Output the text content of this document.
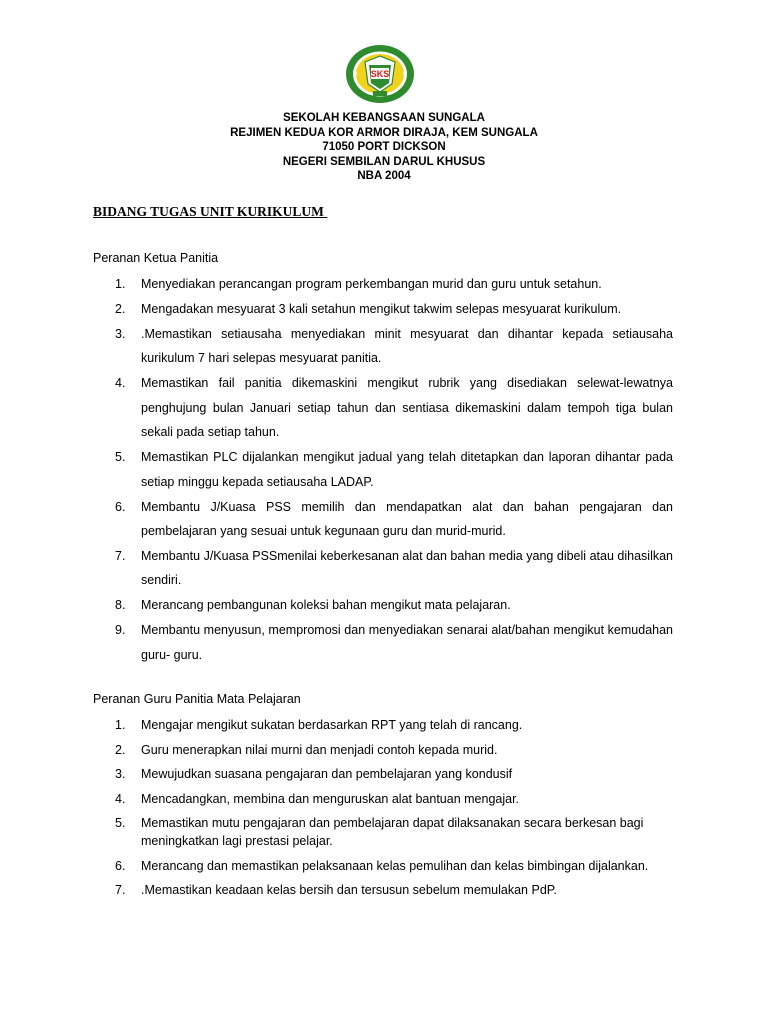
SKS
SEKOLAH KEBANGSAAN SUNGALA
REJIMEN KEDUA KOR ARMOR DIRAJA, KEM SUNGALA
71050 PORT DICKSON
NEGERI SEMBILAN DARUL KHUSUS
NBA 2004
BIDANG TUGAS UNIT KURIKULUM
Peranan Ketua Panitia
1.	Menyediakan perancangan program perkembangan murid dan guru untuk setahun.
2.	Mengadakan mesyuarat 3 kali setahun mengikut takwim selepas mesyuarat kurikulum.
3.	.Memastikan setiausaha menyediakan minit mesyuarat dan dihantar kepada setiausaha kurikulum 7 hari selepas mesyuarat panitia.
4.	Memastikan fail panitia dikemaskini mengikut rubrik yang disediakan selewat-lewatnya penghujung bulan Januari setiap tahun dan sentiasa dikemaskini dalam tempoh tiga bulan sekali pada setiap tahun.
5.	Memastikan PLC dijalankan mengikut jadual yang telah ditetapkan dan laporan dihantar pada setiap minggu kepada setiausaha LADAP.
6.	Membantu J/Kuasa PSS memilih dan mendapatkan alat dan bahan pengajaran dan pembelajaran yang sesuai untuk kegunaan guru dan murid-murid.
7.	Membantu J/Kuasa PSSmenilai keberkesanan alat dan bahan media yang dibeli atau dihasilkan sendiri.
8.	Merancang pembangunan koleksi bahan mengikut mata pelajaran.
9.	Membantu menyusun, mempromosi dan menyediakan senarai alat/bahan mengikut kemudahan guru- guru.
Peranan Guru Panitia Mata Pelajaran
1.	Mengajar mengikut sukatan berdasarkan RPT yang telah di rancang.
2.	Guru menerapkan nilai murni dan menjadi contoh kepada murid.
3.	Mewujudkan suasana pengajaran dan pembelajaran yang kondusif
4.	Mencadangkan, membina dan menguruskan alat bantuan mengajar.
5.	Memastikan mutu pengajaran dan pembelajaran dapat dilaksanakan secara berkesan bagi meningkatkan lagi prestasi pelajar.
6.	Merancang dan memastikan pelaksanaan kelas pemulihan dan kelas bimbingan dijalankan.
7.	.Memastikan keadaan kelas bersih dan tersusun sebelum memulakan PdP.
